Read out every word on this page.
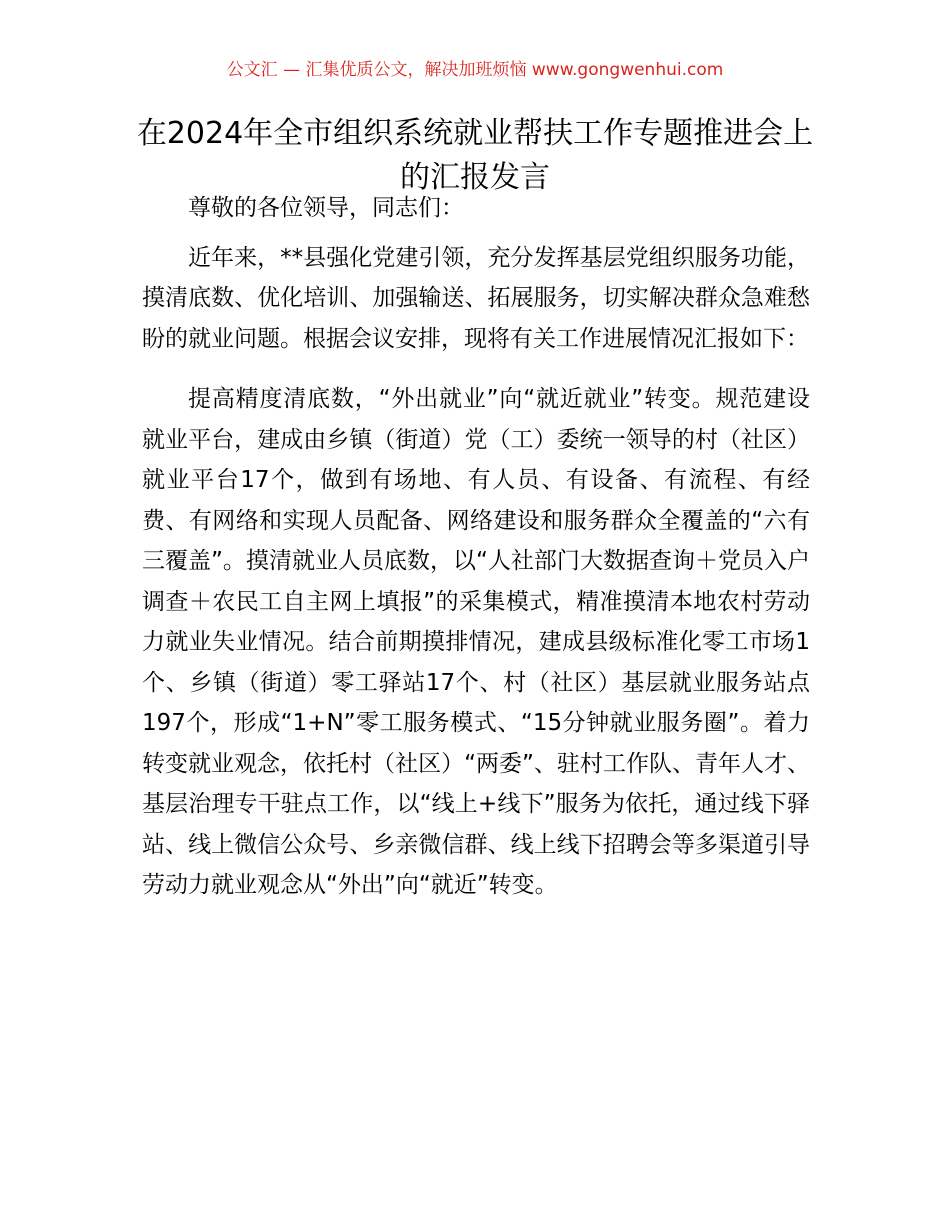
公文汇 — 汇集优质公文，解决加班烦恼 www.gongwenhui.com
在2024年全市组织系统就业帮扶工作专题推进会上的汇报发言

尊敬的各位领导，同志们：

近年来，**县强化党建引领，充分发挥基层党组织服务功能，摸清底数、优化培训、加强输送、拓展服务，切实解决群众急难愁盼的就业问题。根据会议安排，现将有关工作进展情况汇报如下：

提高精度清底数，“外出就业”向“就近就业”转变。规范建设就业平台，建成由乡镇（街道）党（工）委统一领导的村（社区）就业平台17个，做到有场地、有人员、有设备、有流程、有经费、有网络和实现人员配备、网络建设和服务群众全覆盖的“六有三覆盖”。摸清就业人员底数，以“人社部门大数据查询＋党员入户调查＋农民工自主网上填报”的采集模式，精准摸清本地农村劳动力就业失业情况。结合前期摸排情况，建成县级标准化零工市场1个、乡镇（街道）零工驿站17个、村（社区）基层就业服务站点197个，形成“1+N”零工服务模式、“15分钟就业服务圈”。着力转变就业观念，依托村（社区）“两委”、驻村工作队、青年人才、基层治理专干驻点工作，以“线上+线下”服务为依托，通过线下驿站、线上微信公众号、乡亲微信群、线上线下招聘会等多渠道引导劳动力就业观念从“外出”向“就近”转变。
